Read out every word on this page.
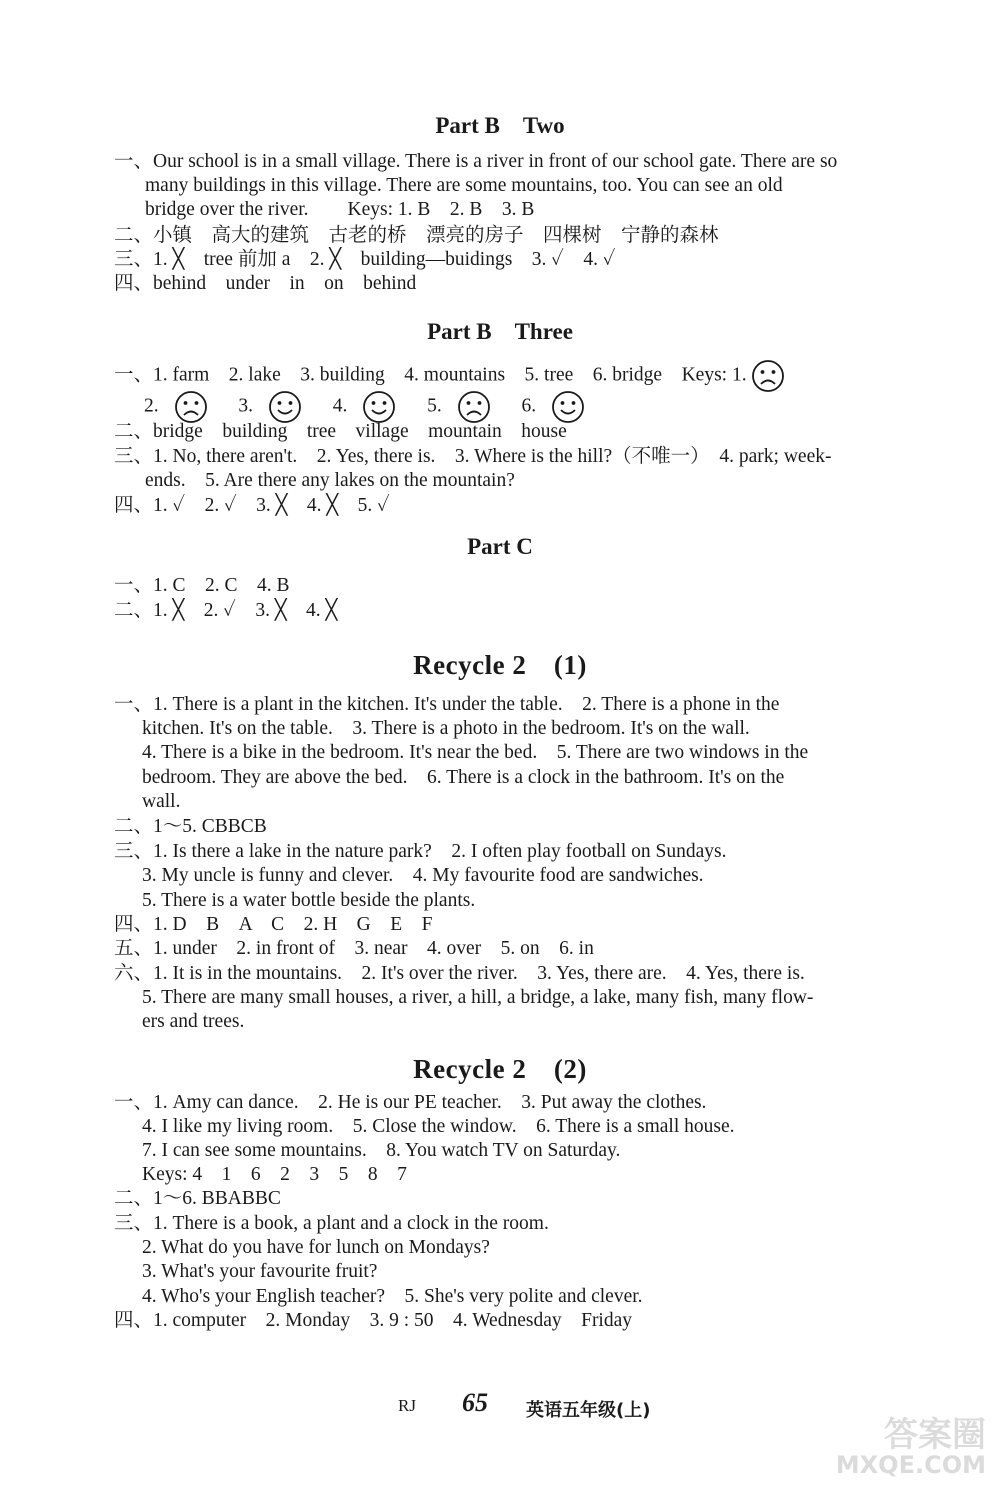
Part B　Two
一、Our school is in a small village. There is a river in front of our school gate. There are so
many buildings in this village. There are some mountains, too. You can see an old
bridge over the river.　　Keys: 1. B　2. B　3. B
二、小镇　高大的建筑　古老的桥　漂亮的房子　四棵树　宁静的森林
三、1. ╳　tree 前加 a　2. ╳　building—buidings　3. ✓　4. ✓
四、behind　under　in　on　behind
Part B　Three
一、1. farm　2. lake　3. building　4. mountains　5. tree　6. bridge　Keys: 1.
2.	3.	4.	5.	6.
二、bridge　building　tree　village　mountain　house
三、1. No, there aren't.　2. Yes, there is.　3. Where is the hill?（不唯一）　4. park; week-
ends.　5. Are there any lakes on the mountain?
四、1. ✓　2. ✓　3. ╳　4. ╳　5. ✓
Part C
一、1. C　2. C　4. B
二、1. ╳　2. ✓　3. ╳　4. ╳
Recycle 2　(1)
一、1. There is a plant in the kitchen. It's under the table.　2. There is a phone in the
kitchen. It's on the table.　3. There is a photo in the bedroom. It's on the wall.
4. There is a bike in the bedroom. It's near the bed.　5. There are two windows in the
bedroom. They are above the bed.　6. There is a clock in the bathroom. It's on the
wall.
二、1～5. CBBCB
三、1. Is there a lake in the nature park?　2. I often play football on Sundays.
3. My uncle is funny and clever.　4. My favourite food are sandwiches.
5. There is a water bottle beside the plants.
四、1. D　B　A　C　2. H　G　E　F
五、1. under　2. in front of　3. near　4. over　5. on　6. in
六、1. It is in the mountains.　2. It's over the river.　3. Yes, there are.　4. Yes, there is.
5. There are many small houses, a river, a hill, a bridge, a lake, many fish, many flow-
ers and trees.
Recycle 2　(2)
一、1. Amy can dance.　2. He is our PE teacher.　3. Put away the clothes.
4. I like my living room.　5. Close the window.　6. There is a small house.
7. I can see some mountains.　8. You watch TV on Saturday.
Keys: 4　1　6　2　3　5　8　7
二、1～6. BBABBC
三、1. There is a book, a plant and a clock in the room.
2. What do you have for lunch on Mondays?
3. What's your favourite fruit?
4. Who's your English teacher?　5. She's very polite and clever.
四、1. computer　2. Monday　3. 9 : 50　4. Wednesday　Friday
RJ 65 英语五年级(上)
答案圈
MXQE.COM
